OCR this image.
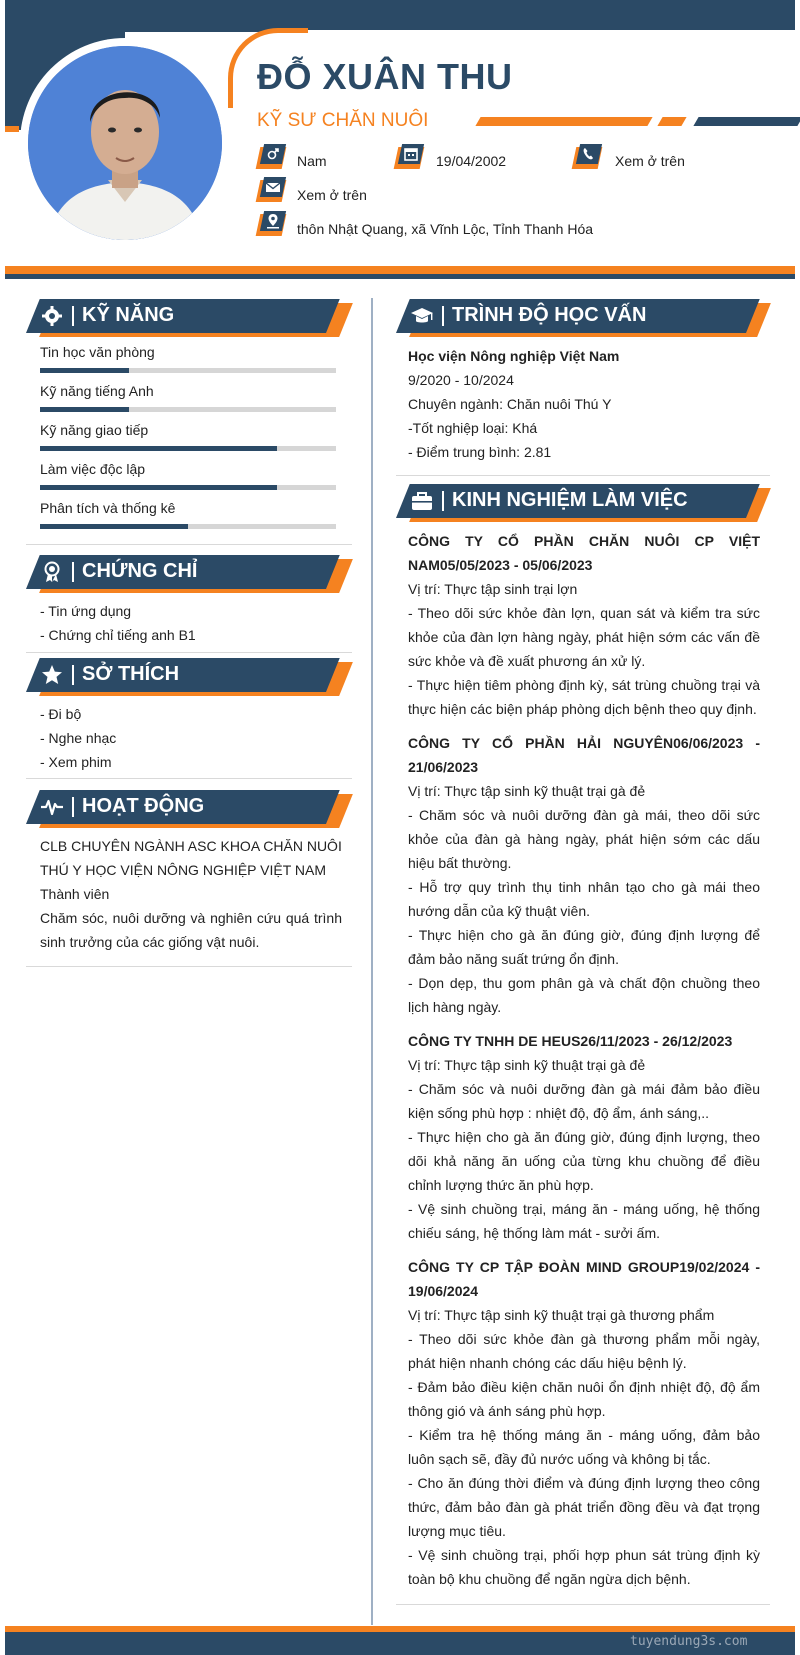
ĐỖ XUÂN THU
KỸ SƯ CHĂN NUÔI
Nam	19/04/2002	Xem ở trên
Xem ở trên
thôn Nhật Quang, xã Vĩnh Lộc, Tỉnh Thanh Hóa
KỸ NĂNG
Tin học văn phòng
Kỹ năng tiếng Anh
Kỹ năng giao tiếp
Làm việc độc lập
Phân tích và thống kê
CHỨNG CHỈ
- Tin ứng dụng
- Chứng chỉ tiếng anh B1
SỞ THÍCH
- Đi bộ
- Nghe nhạc
- Xem phim
HOẠT ĐỘNG
CLB CHUYÊN NGÀNH ASC KHOA CHĂN NUÔI THÚ Y HỌC VIỆN NÔNG NGHIỆP VIỆT NAM
Thành viên
Chăm sóc, nuôi dưỡng và nghiên cứu quá trình sinh trưởng của các giống vật nuôi.
TRÌNH ĐỘ HỌC VẤN
Học viện Nông nghiệp Việt Nam
9/2020 - 10/2024
Chuyên ngành: Chăn nuôi Thú Y
-Tốt nghiệp loại: Khá
- Điểm trung bình: 2.81
KINH NGHIỆM LÀM VIỆC
CÔNG TY CỔ PHẦN CHĂN NUÔI CP VIỆT NAM05/05/2023 - 05/06/2023
Vị trí: Thực tập sinh trại lợn
- Theo dõi sức khỏe đàn lợn, quan sát và kiểm tra sức khỏe của đàn lợn hàng ngày, phát hiện sớm các vấn đề sức khỏe và đề xuất phương án xử lý.
- Thực hiện tiêm phòng định kỳ, sát trùng chuồng trại và thực hiện các biện pháp phòng dịch bệnh theo quy định.
CÔNG TY CỔ PHẦN HẢI NGUYÊN06/06/2023 - 21/06/2023
Vị trí: Thực tập sinh kỹ thuật trại gà đẻ
- Chăm sóc và nuôi dưỡng đàn gà mái, theo dõi sức khỏe của đàn gà hàng ngày, phát hiện sớm các dấu hiệu bất thường.
- Hỗ trợ quy trình thụ tinh nhân tạo cho gà mái theo hướng dẫn của kỹ thuật viên.
- Thực hiện cho gà ăn đúng giờ, đúng định lượng để đảm bảo năng suất trứng ổn định.
- Dọn dẹp, thu gom phân gà và chất độn chuồng theo lịch hàng ngày.
CÔNG TY TNHH DE HEUS26/11/2023 - 26/12/2023
Vị trí: Thực tập sinh kỹ thuật trại gà đẻ
- Chăm sóc và nuôi dưỡng đàn gà mái đảm bảo điều kiện sống phù hợp : nhiệt độ, độ ẩm, ánh sáng,..
- Thực hiện cho gà ăn đúng giờ, đúng định lượng, theo dõi khả năng ăn uống của từng khu chuồng để điều chỉnh lượng thức ăn phù hợp.
- Vệ sinh chuồng trại, máng ăn - máng uống, hệ thống chiếu sáng, hệ thống làm mát - sưởi ấm.
CÔNG TY CP TẬP ĐOÀN MIND GROUP19/02/2024 - 19/06/2024
Vị trí: Thực tập sinh kỹ thuật trại gà thương phẩm
- Theo dõi sức khỏe đàn gà thương phẩm mỗi ngày, phát hiện nhanh chóng các dấu hiệu bệnh lý.
- Đảm bảo điều kiện chăn nuôi ổn định nhiệt độ, độ ẩm thông gió và ánh sáng phù hợp.
- Kiểm tra hệ thống máng ăn - máng uống, đảm bảo luôn sạch sẽ, đầy đủ nước uống và không bị tắc.
- Cho ăn đúng thời điểm và đúng định lượng theo công thức, đảm bảo đàn gà phát triển đồng đều và đạt trọng lượng mục tiêu.
- Vệ sinh chuồng trại, phối hợp phun sát trùng định kỳ toàn bộ khu chuồng để ngăn ngừa dịch bệnh.
tuyendung3s.com
